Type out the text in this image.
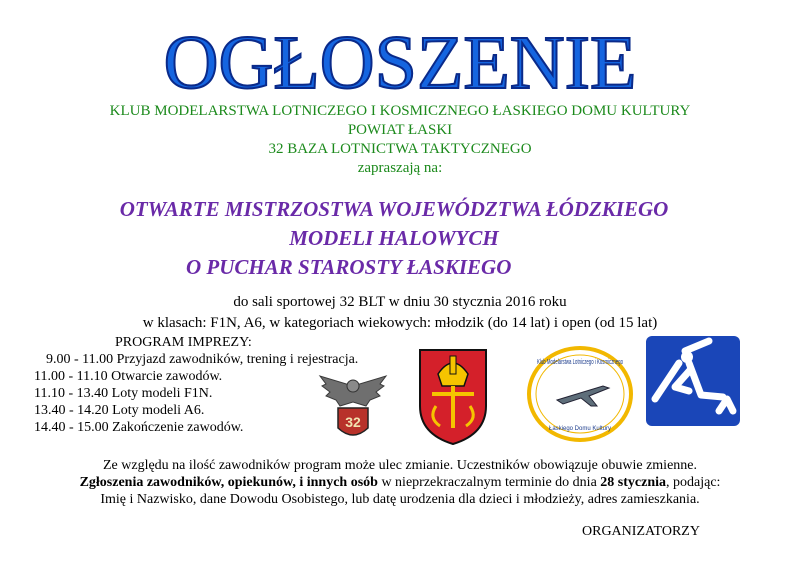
OGŁOSZENIE
KLUB MODELARSTWA LOTNICZEGO I KOSMICZNEGO ŁASKIEGO DOMU KULTURY
POWIAT ŁASKI
32 BAZA LOTNICTWA TAKTYCZNEGO
zapraszają na:
OTWARTE MISTRZOSTWA WOJEWÓDZTWA ŁÓDZKIEGO
MODELI HALOWYCH
O PUCHAR STAROSTY ŁASKIEGO
do sali sportowej 32 BLT w dniu 30 stycznia 2016 roku
w klasach: F1N, A6, w kategoriach wiekowych: młodzik (do 14 lat) i open (od 15 lat)
PROGRAM IMPREZY:
9.00 - 11.00 Przyjazd zawodników, trening i rejestracja.
11.00 - 11.10 Otwarcie zawodów.
11.10 - 13.40 Loty modeli F1N.
13.40 - 14.20 Loty modeli A6.
14.40 - 15.00 Zakończenie zawodów.	32
Klub Modelarstwa Lotniczego i Kosmicznego
Łaskiego Domu Kultury
Ze względu na ilość zawodników program może ulec zmianie. Uczestników obowiązuje obuwie zmienne.
Zgłoszenia zawodników, opiekunów, i innych osób w nieprzekraczalnym terminie do dnia 28 stycznia, podając:
Imię i Nazwisko, dane Dowodu Osobistego, lub datę urodzenia dla dzieci i młodzieży, adres zamieszkania.
ORGANIZATORZY
